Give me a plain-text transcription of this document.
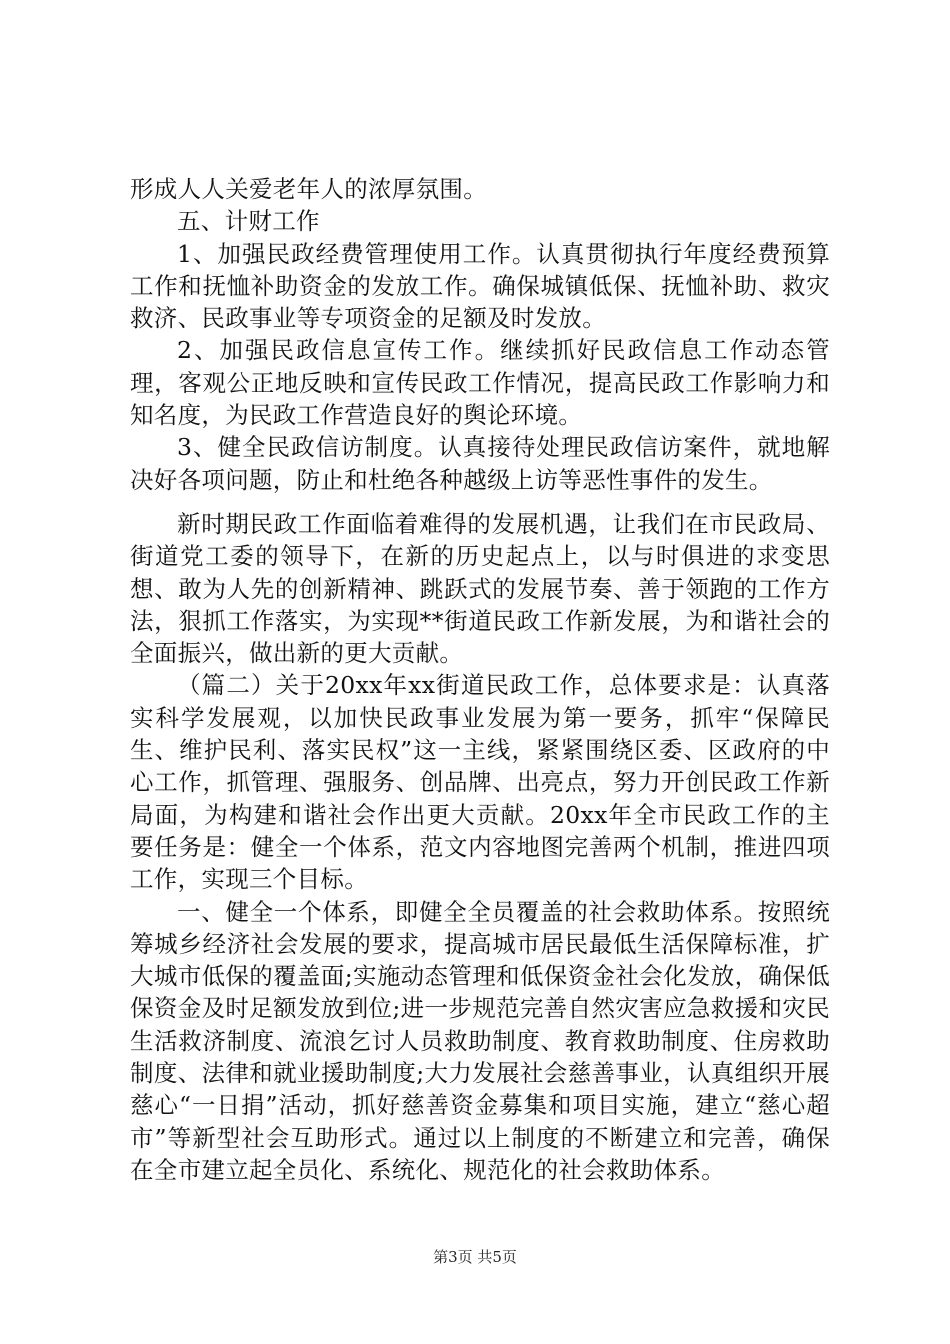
形成人人关爱老年人的浓厚氛围。

五、计财工作

1、加强民政经费管理使用工作。认真贯彻执行年度经费预算工作和抚恤补助资金的发放工作。确保城镇低保、抚恤补助、救灾救济、民政事业等专项资金的足额及时发放。

2、加强民政信息宣传工作。继续抓好民政信息工作动态管理，客观公正地反映和宣传民政工作情况，提高民政工作影响力和知名度，为民政工作营造良好的舆论环境。

3、健全民政信访制度。认真接待处理民政信访案件，就地解决好各项问题，防止和杜绝各种越级上访等恶性事件的发生。

新时期民政工作面临着难得的发展机遇，让我们在市民政局、街道党工委的领导下，在新的历史起点上，以与时俱进的求变思想、敢为人先的创新精神、跳跃式的发展节奏、善于领跑的工作方法，狠抓工作落实，为实现**街道民政工作新发展，为和谐社会的全面振兴，做出新的更大贡献。

（篇二）关于20xx年xx街道民政工作，总体要求是：认真落实科学发展观，以加快民政事业发展为第一要务，抓牢“保障民生、维护民利、落实民权”这一主线，紧紧围绕区委、区政府的中心工作，抓管理、强服务、创品牌、出亮点，努力开创民政工作新局面，为构建和谐社会作出更大贡献。20xx年全市民政工作的主要任务是：健全一个体系，范文内容地图完善两个机制，推进四项工作，实现三个目标。

一、健全一个体系，即健全全员覆盖的社会救助体系。按照统筹城乡经济社会发展的要求，提高城市居民最低生活保障标准，扩大城市低保的覆盖面;实施动态管理和低保资金社会化发放，确保低保资金及时足额发放到位;进一步规范完善自然灾害应急救援和灾民生活救济制度、流浪乞讨人员救助制度、教育救助制度、住房救助制度、法律和就业援助制度;大力发展社会慈善事业，认真组织开展慈心“一日捐”活动，抓好慈善资金募集和项目实施，建立“慈心超市”等新型社会互助形式。通过以上制度的不断建立和完善，确保在全市建立起全员化、系统化、规范化的社会救助体系。

第3页 共5页
